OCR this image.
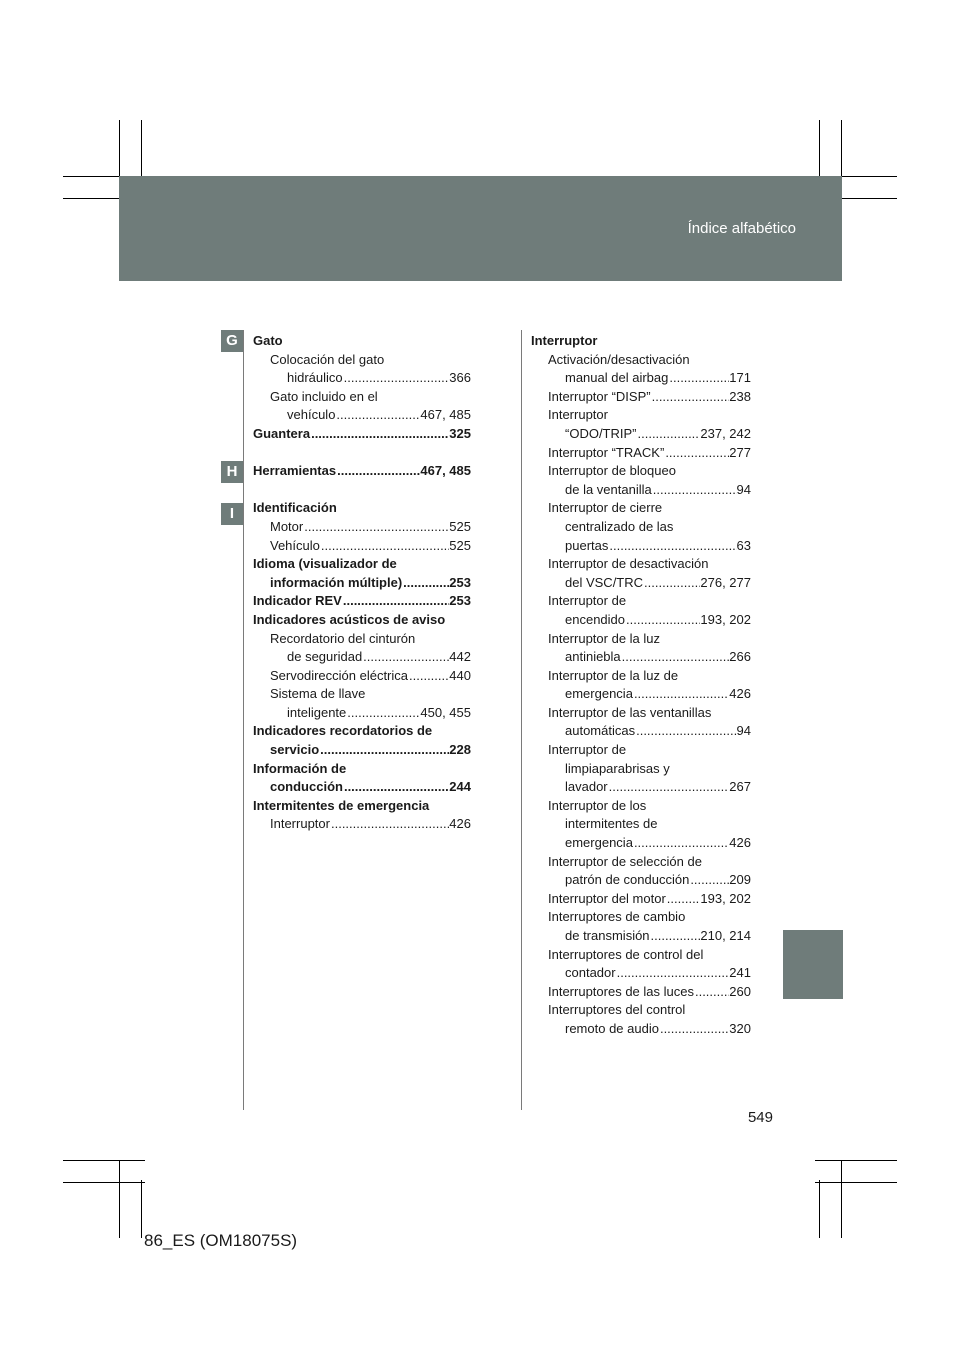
Índice alfabético
G
H
I
Gato
Colocación del gato
hidráulico .....	366
Gato incluido en el
vehículo .....	467, 485
Guantera .....	325
Herramientas .....	467, 485
Identificación
Motor .....	525
Vehículo .....	525
Idioma (visualizador de
información múltiple) .....	253
Indicador REV .....	253
Indicadores acústicos de aviso
Recordatorio del cinturón
de seguridad .....	442
Servodirección eléctrica .....	440
Sistema de llave
inteligente .....	450, 455
Indicadores recordatorios de
servicio .....	228
Información de
conducción .....	244
Intermitentes de emergencia
Interruptor .....	426
Interruptor
Activación/desactivación
manual del airbag .....	171
Interruptor “DISP” .....	238
Interruptor
“ODO/TRIP” .....	237, 242
Interruptor “TRACK” .....	277
Interruptor de bloqueo
de la ventanilla .....	94
Interruptor de cierre
centralizado de las
puertas .....	63
Interruptor de desactivación
del VSC/TRC .....	276, 277
Interruptor de
encendido .....	193, 202
Interruptor de la luz
antiniebla .....	266
Interruptor de la luz de
emergencia .....	426
Interruptor de las ventanillas
automáticas .....	94
Interruptor de
limpiaparabrisas y
lavador .....	267
Interruptor de los
intermitentes de
emergencia .....	426
Interruptor de selección de
patrón de conducción .....	209
Interruptor del motor .....	193, 202
Interruptores de cambio
de transmisión .....	210, 214
Interruptores de control del
contador .....	241
Interruptores de las luces .....	260
Interruptores del control
remoto de audio .....	320
549
86_ES (OM18075S)
